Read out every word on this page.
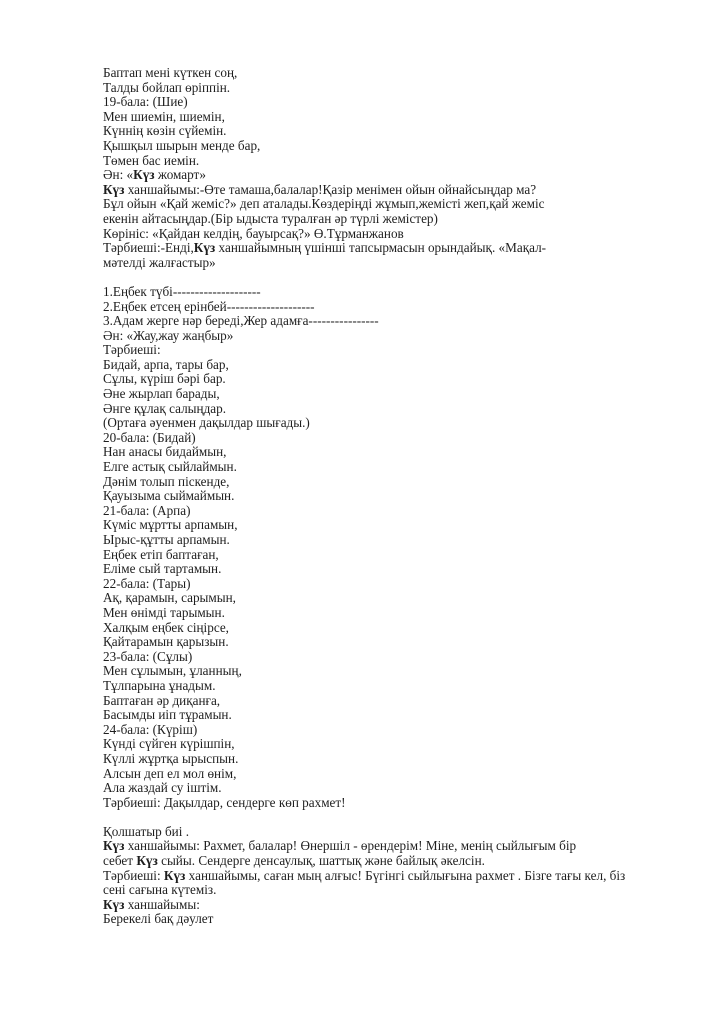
Баптап мені күткен соң,
Талды бойлап өріппін.
19-бала: (Шие)
Мен шиемін, шиемін,
Күннің көзін сүйемін.
Қышқыл шырын менде бар,
Төмен бас иемін.
Ән: «Күз жомарт»
Күз ханшайымы:-Өте тамаша,балалар!Қазір менімен ойын ойнайсыңдар ма?
Бұл ойын «Қай жеміс?» деп аталады.Көздеріңді жұмып,жемісті жеп,қай жеміс
екенін айтасыңдар.(Бір ыдыста туралған әр түрлі жемістер)
Көрініс: «Қайдан келдің, бауырсақ?» Ө.Тұрманжанов
Тәрбиеші:-Енді,Күз ханшайымның үшінші тапсырмасын орындайық. «Мақал-
мәтелді жалғастыр»

1.Еңбек түбі--------------------
2.Еңбек етсең ерінбей--------------------
3.Адам жерге нәр береді,Жер адамға----------------
Ән: «Жау,жау жаңбыр»
Тәрбиеші:
Бидай, арпа, тары бар,
Сұлы, күріш бәрі бар.
Әне жырлап барады,
Әнге құлақ салыңдар.
(Ортаға әуенмен дақылдар шығады.)
20-бала: (Бидай)
Нан анасы бидаймын,
Елге астық сыйлаймын.
Дәнім толып піскенде,
Қауызыма сыймаймын.
21-бала: (Арпа)
Күміс мұртты арпамын,
Ырыс-құтты арпамын.
Еңбек етіп баптаған,
Еліме сый тартамын.
22-бала: (Тары)
Ақ, қарамын, сарымын,
Мен өнімді тарымын.
Халқым еңбек сіңірсе,
Қайтарамын қарызын.
23-бала: (Сұлы)
Мен сұлымын, ұланның,
Тұлпарына ұнадым.
Баптаған әр диқанға,
Басымды иіп тұрамын.
24-бала: (Күріш)
Күнді сүйген күрішпін,
Күллі жұртқа ырыспын.
Алсын деп ел мол өнім,
Ала жаздай су іштім.
Тәрбиеші: Дақылдар, сендерге көп рахмет!

Қолшатыр биі .
Күз ханшайымы: Рахмет, балалар! Өнершіл - өрендерім! Міне, менің сыйлығым бір
себет Күз сыйы. Сендерге денсаулық, шаттық және байлық әкелсін.
Тәрбиеші: Күз ханшайымы, саған мың алғыс! Бүгінгі сыйлығына рахмет . Бізге тағы кел, біз
сені сағына күтеміз.
Күз ханшайымы:
Берекелі бақ дәулет
